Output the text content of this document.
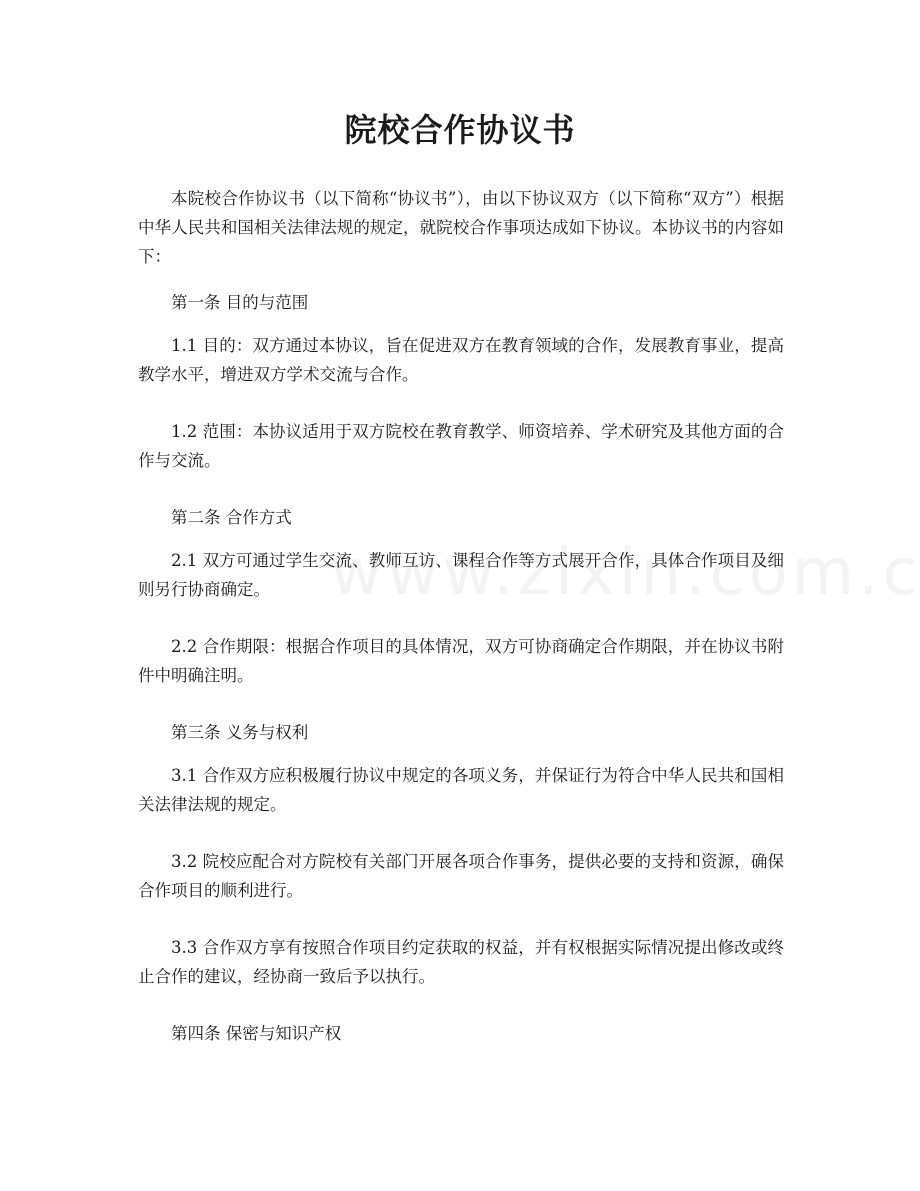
院校合作协议书

本院校合作协议书（以下简称“协议书”），由以下协议双方（以下简称“双方”）根据中华人民共和国相关法律法规的规定，就院校合作事项达成如下协议。本协议书的内容如下：

第一条 目的与范围

1.1 目的：双方通过本协议，旨在促进双方在教育领域的合作，发展教育事业，提高教学水平，增进双方学术交流与合作。

1.2 范围：本协议适用于双方院校在教育教学、师资培养、学术研究及其他方面的合作与交流。

第二条 合作方式

2.1 双方可通过学生交流、教师互访、课程合作等方式展开合作，具体合作项目及细则另行协商确定。

2.2 合作期限：根据合作项目的具体情况，双方可协商确定合作期限，并在协议书附件中明确注明。

第三条 义务与权利

3.1 合作双方应积极履行协议中规定的各项义务，并保证行为符合中华人民共和国相关法律法规的规定。

3.2 院校应配合对方院校有关部门开展各项合作事务，提供必要的支持和资源，确保合作项目的顺利进行。

3.3 合作双方享有按照合作项目约定获取的权益，并有权根据实际情况提出修改或终止合作的建议，经协商一致后予以执行。

第四条 保密与知识产权
